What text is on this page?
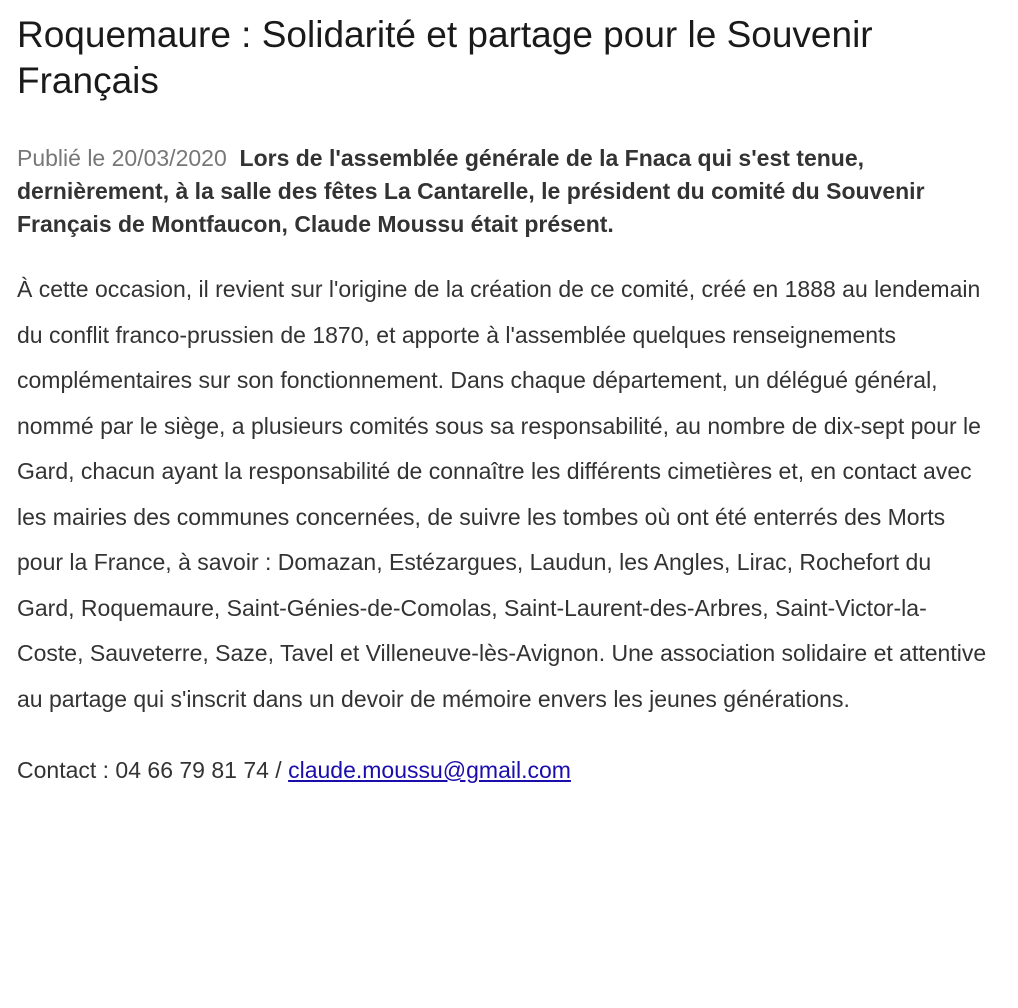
Roquemaure : Solidarité et partage pour le Souvenir Français

Publié le 20/03/2020 Lors de l'assemblée générale de la Fnaca qui s'est tenue, dernièrement, à la salle des fêtes La Cantarelle, le président du comité du Souvenir Français de Montfaucon, Claude Moussu était présent.

À cette occasion, il revient sur l'origine de la création de ce comité, créé en 1888 au lendemain du conflit franco-prussien de 1870, et apporte à l'assemblée quelques renseignements complémentaires sur son fonctionnement. Dans chaque département, un délégué général, nommé par le siège, a plusieurs comités sous sa responsabilité, au nombre de dix-sept pour le Gard, chacun ayant la responsabilité de connaître les différents cimetières et, en contact avec les mairies des communes concernées, de suivre les tombes où ont été enterrés des Morts pour la France, à savoir : Domazan, Estézargues, Laudun, les Angles, Lirac, Rochefort du Gard, Roquemaure, Saint-Génies-de-Comolas, Saint-Laurent-des-Arbres, Saint-Victor-la-Coste, Sauveterre, Saze, Tavel et Villeneuve-lès-Avignon. Une association solidaire et attentive au partage qui s'inscrit dans un devoir de mémoire envers les jeunes générations.

Contact : 04 66 79 81 74 / claude.moussu@gmail.com
